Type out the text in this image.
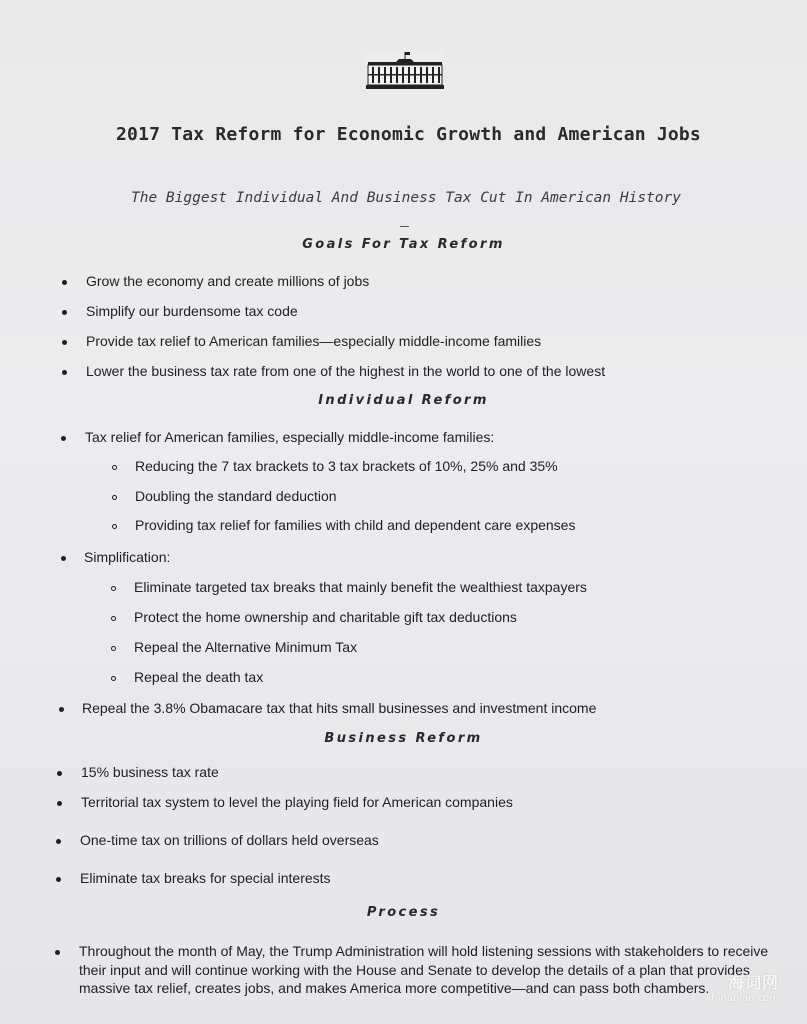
2017 Tax Reform for Economic Growth and American Jobs
The Biggest Individual And Business Tax Cut In American History
Goals For Tax Reform
Grow the economy and create millions of jobs
Simplify our burdensome tax code
Provide tax relief to American families—especially middle-income families
Lower the business tax rate from one of the highest in the world to one of the lowest
Individual Reform
Tax relief for American families, especially middle-income families:
Reducing the 7 tax brackets to 3 tax brackets of 10%, 25% and 35%
Doubling the standard deduction
Providing tax relief for families with child and dependent care expenses
Simplification:
Eliminate targeted tax breaks that mainly benefit the wealthiest taxpayers
Protect the home ownership and charitable gift tax deductions
Repeal the Alternative Minimum Tax
Repeal the death tax
Repeal the 3.8% Obamacare tax that hits small businesses and investment income
Business Reform
15% business tax rate
Territorial tax system to level the playing field for American companies
One-time tax on trillions of dollars held overseas
Eliminate tax breaks for special interests
Process
Throughout the month of May, the Trump Administration will hold listening sessions with stakeholders to receive their input and will continue working with the House and Senate to develop the details of a plan that provides massive tax relief, creates jobs, and makes America more competitive—and can pass both chambers.	海词网
hinabian.com
